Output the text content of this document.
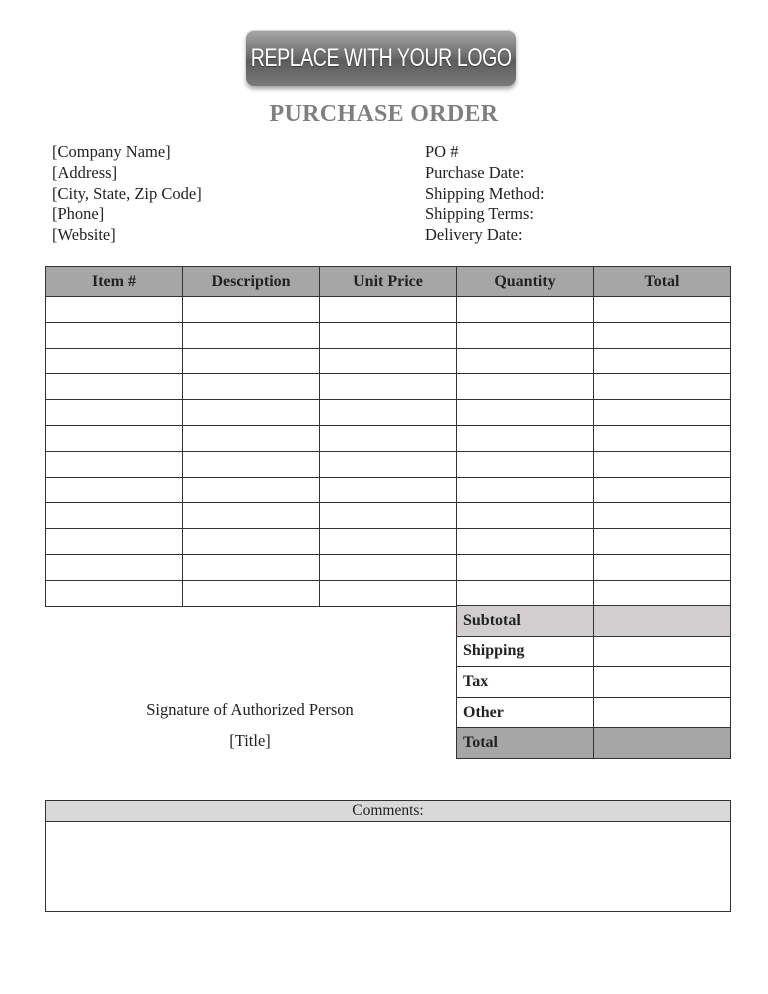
REPLACE WITH YOUR LOGO
PURCHASE ORDER
[Company Name]
[Address]
[City, State, Zip Code]
[Phone]
[Website]
PO #
Purchase Date:
Shipping Method:
Shipping Terms:
Delivery Date:
Item #	Description	Unit Price	Quantity	Total

Subtotal	
Shipping	
Tax	
Other	
Total	
Signature of Authorized Person
[Title]
Comments:
